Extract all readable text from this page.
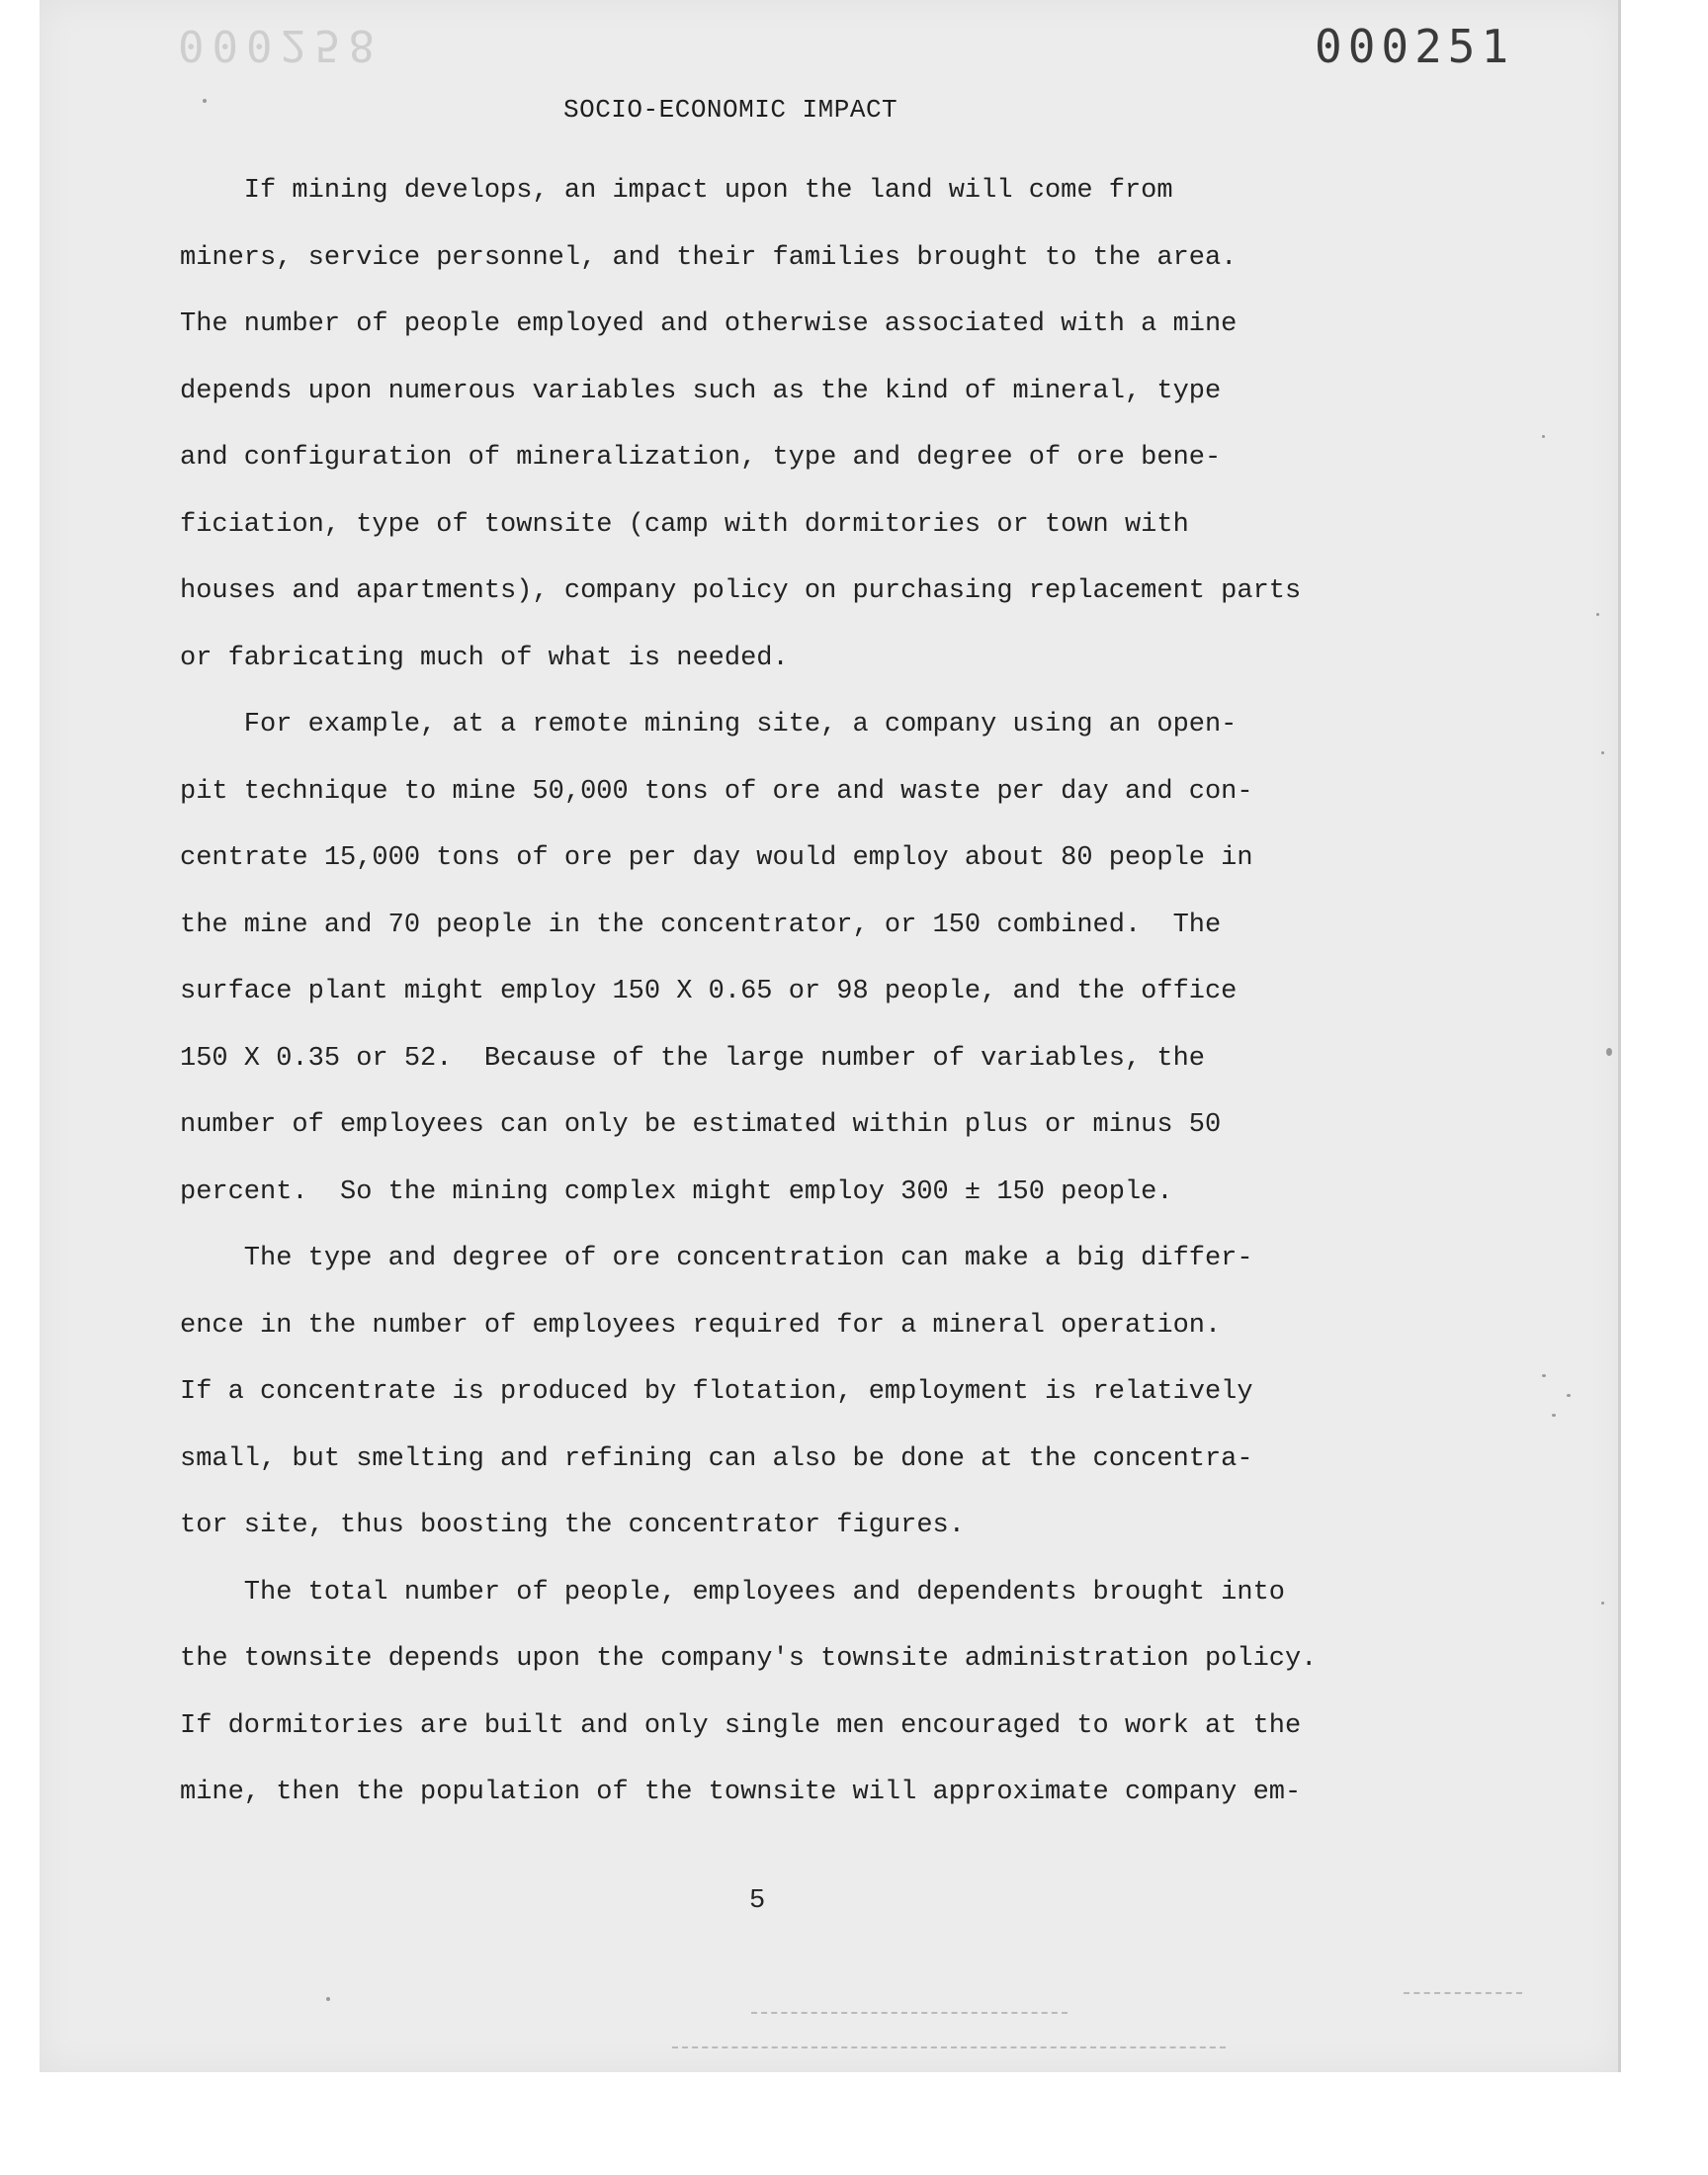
000258	000251
SOCIO-ECONOMIC IMPACT
If mining develops, an impact upon the land will come from
miners, service personnel, and their families brought to the area.
The number of people employed and otherwise associated with a mine
depends upon numerous variables such as the kind of mineral, type
and configuration of mineralization, type and degree of ore bene-
ficiation, type of townsite (camp with dormitories or town with
houses and apartments), company policy on purchasing replacement parts
or fabricating much of what is needed.
For example, at a remote mining site, a company using an open-
pit technique to mine 50,000 tons of ore and waste per day and con-
centrate 15,000 tons of ore per day would employ about 80 people in
the mine and 70 people in the concentrator, or 150 combined.  The
surface plant might employ 150 X 0.65 or 98 people, and the office
150 X 0.35 or 52.  Because of the large number of variables, the
number of employees can only be estimated within plus or minus 50
percent.  So the mining complex might employ 300 ± 150 people.
The type and degree of ore concentration can make a big differ-
ence in the number of employees required for a mineral operation.
If a concentrate is produced by flotation, employment is relatively
small, but smelting and refining can also be done at the concentra-
tor site, thus boosting the concentrator figures.
The total number of people, employees and dependents brought into
the townsite depends upon the company's townsite administration policy.
If dormitories are built and only single men encouraged to work at the
mine, then the population of the townsite will approximate company em-
5
